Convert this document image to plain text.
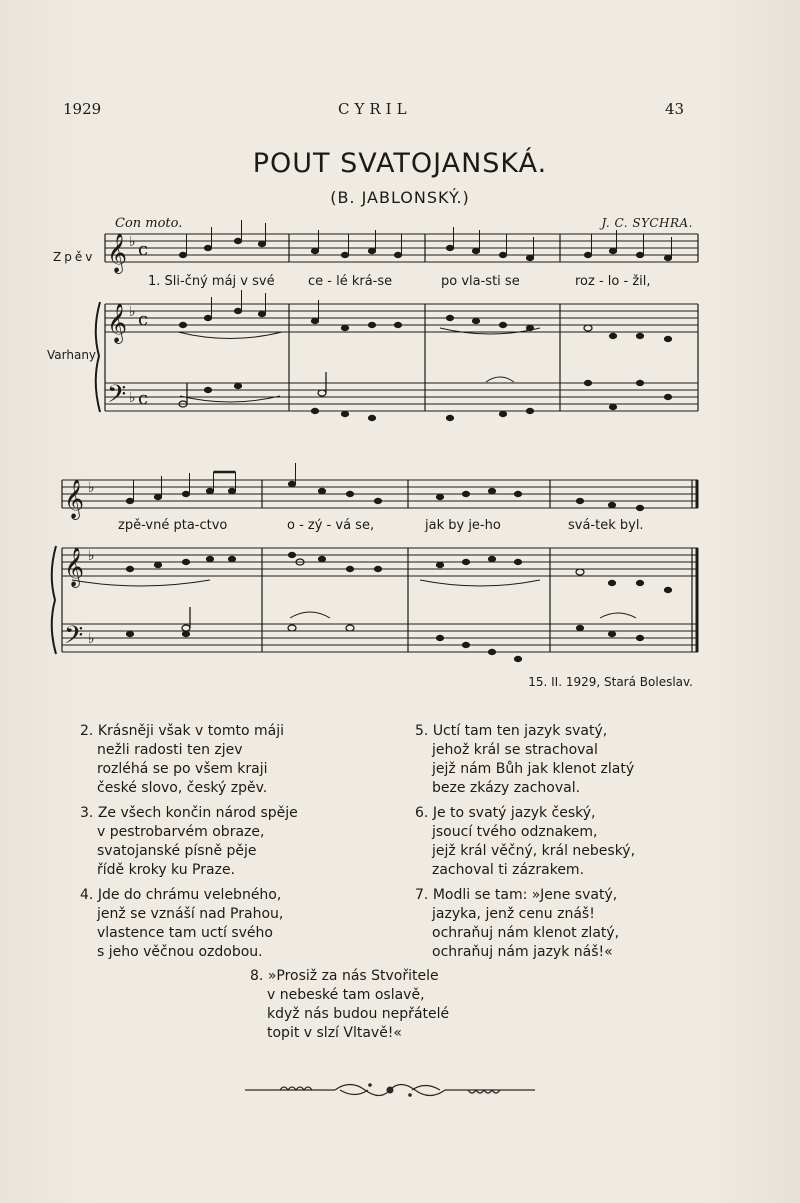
1929	CYRIL	43
POUT SVATOJANSKÁ.
(B. JABLONSKÝ.)
Con moto.	J. C. SYCHRA.
Zpěv
Varhany
𝄞
𝄞
𝄢
♭
♭
♭
c
c
c
𝄞
𝄞
𝄢
♭
♭
♭
1. Sli-čný máj v své	ce - lé krá-se	po vla-sti se	roz - lo - žil,
zpě-vné pta-ctvo	o - zý - vá se,	jak by je-ho	svá-tek byl.
15. II. 1929, Stará Boleslav.
2. Krásněji však v tomto máji
nežli radosti ten zjev
rozléhá se po všem kraji
české slovo, český zpěv.
3. Ze všech končin národ spěje
v pestrobarvém obraze,
svatojanské písně pěje
řídě kroky ku Praze.
4. Jde do chrámu velebného,
jenž se vznáší nad Prahou,
vlastence tam uctí svého
s jeho věčnou ozdobou.
5. Uctí tam ten jazyk svatý,
jehož král se strachoval
jejž nám Bůh jak klenot zlatý
beze zkázy zachoval.
6. Je to svatý jazyk český,
jsoucí tvého odznakem,
jejž král věčný, král nebeský,
zachoval ti zázrakem.
7. Modli se tam: »Jene svatý,
jazyka, jenž cenu znáš!
ochraňuj nám klenot zlatý,
ochraňuj nám jazyk náš!«
8. »Prosiž za nás Stvořitele
v nebeské tam oslavě,
když nás budou nepřátelé
topit v slzí Vltavě!«
